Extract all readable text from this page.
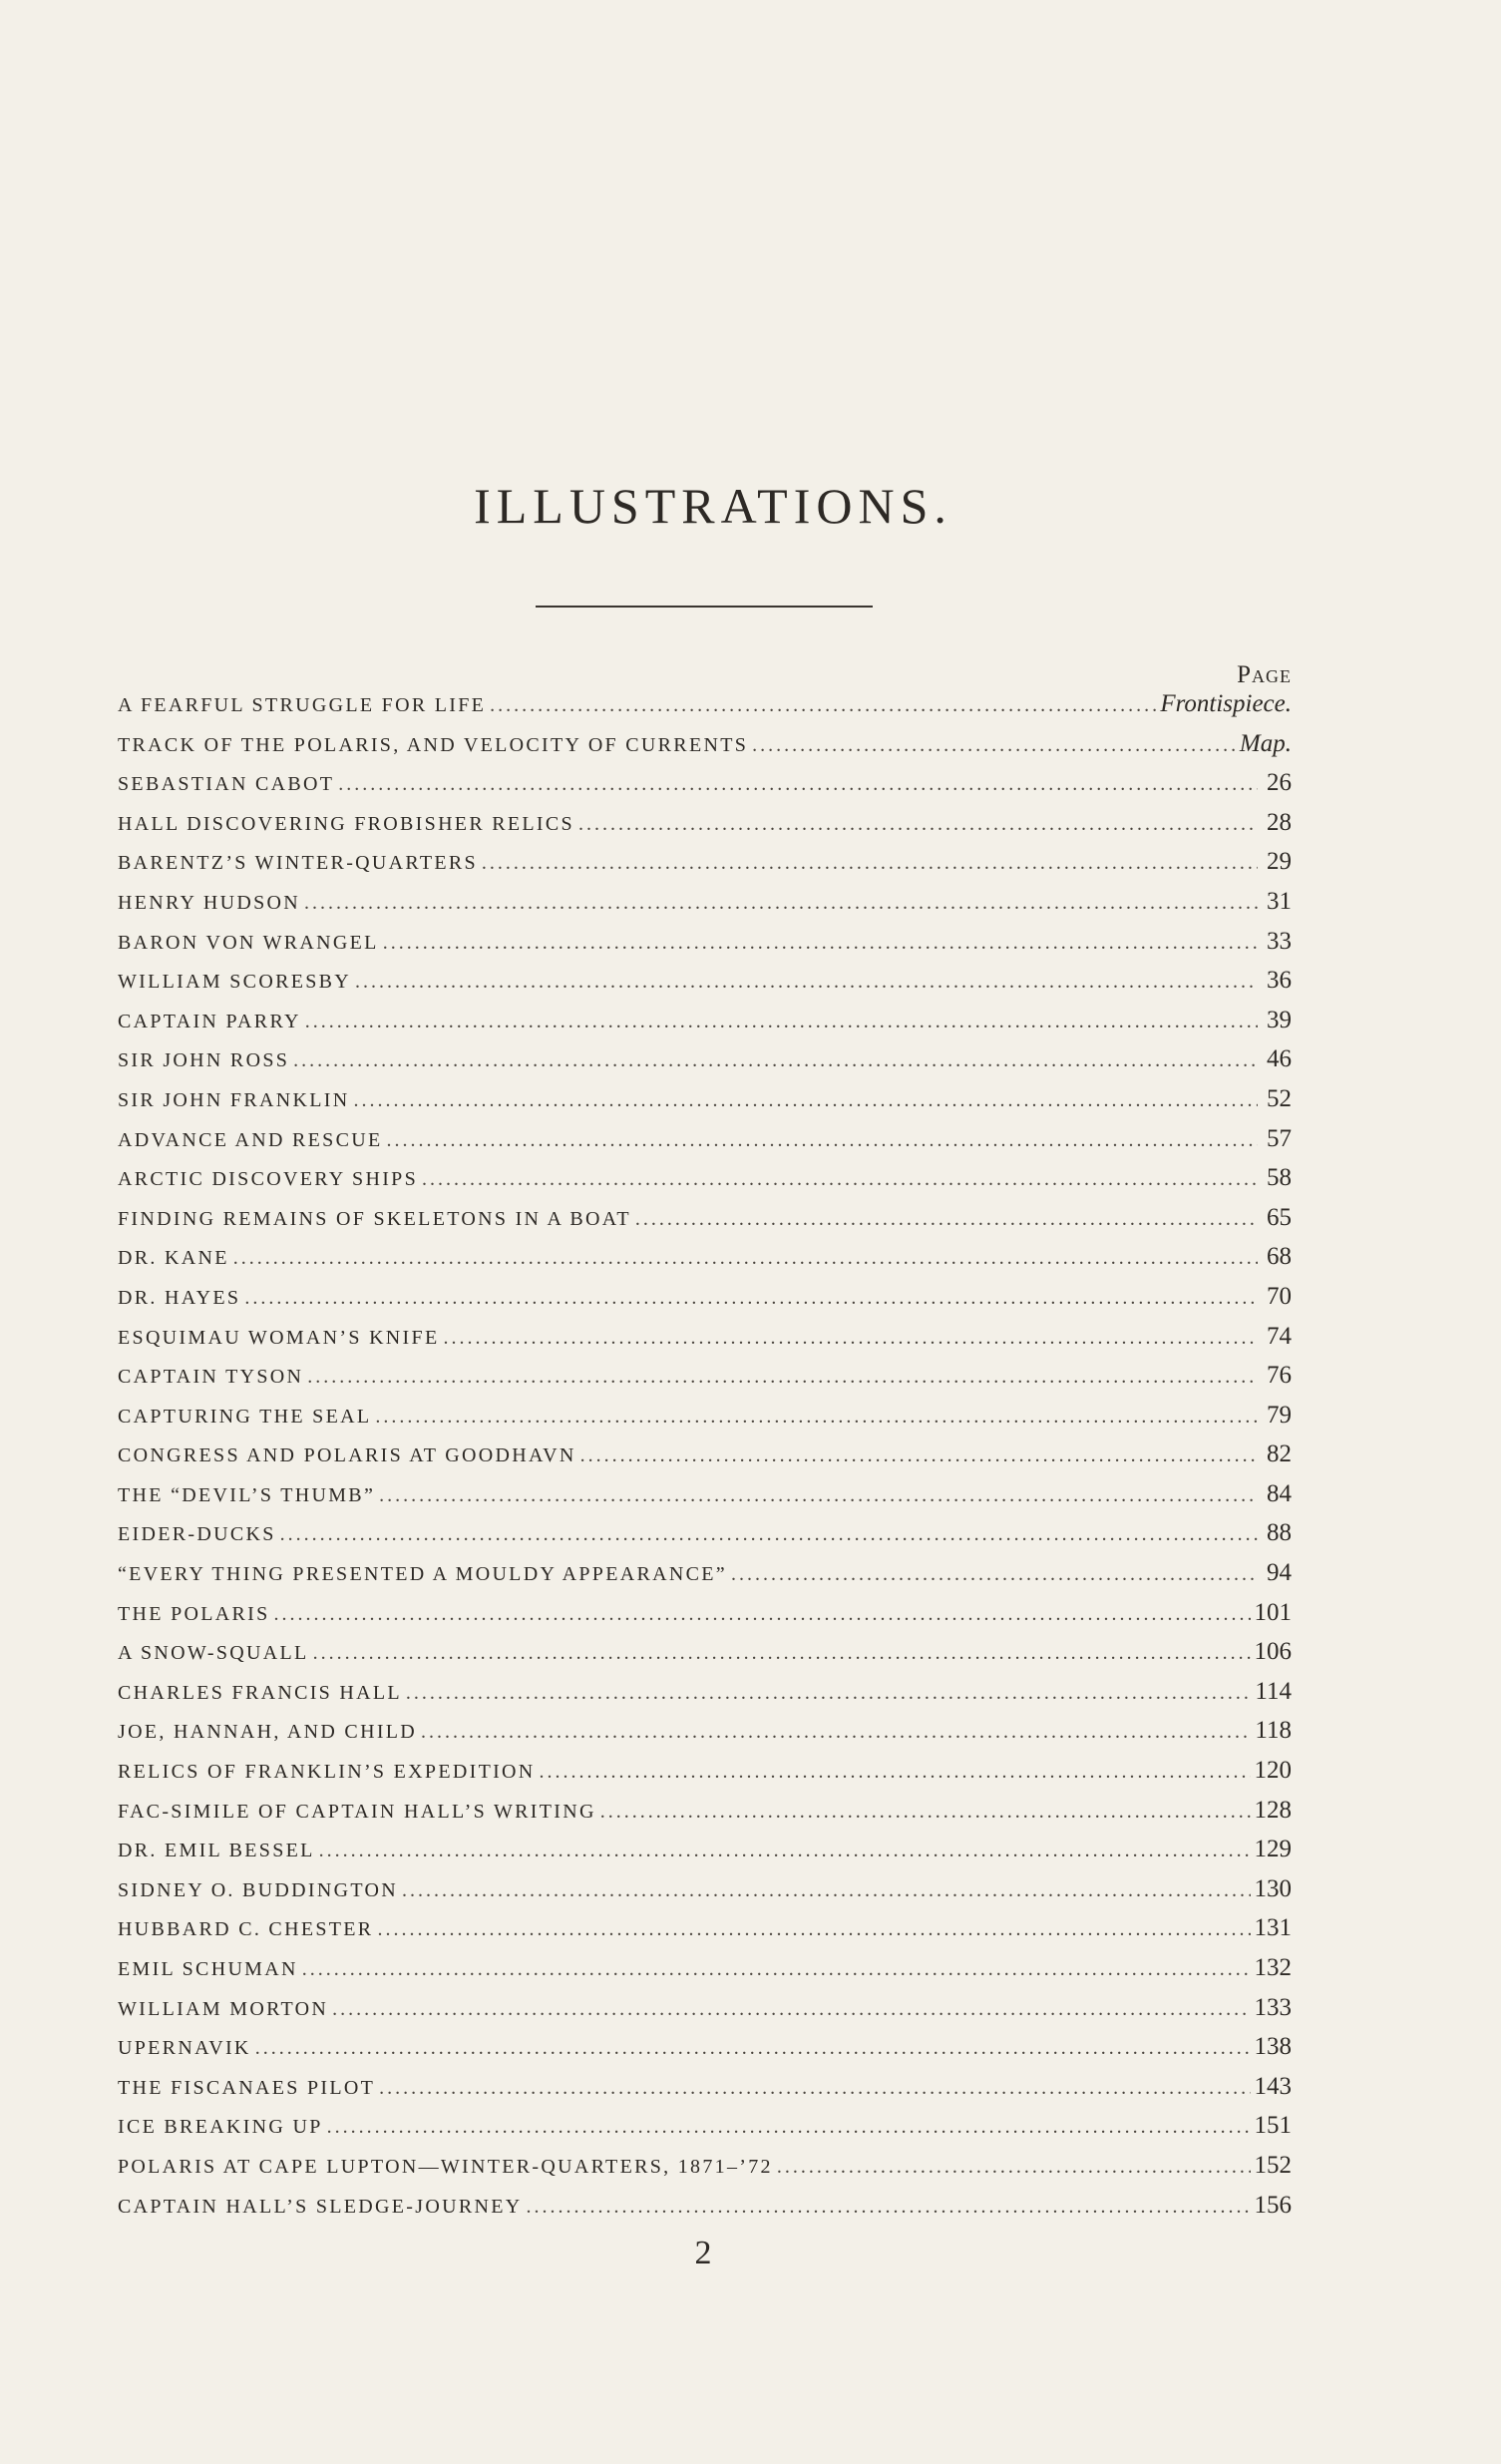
ILLUSTRATIONS.
Page
A FEARFUL STRUGGLE FOR LIFE .....	Frontispiece.
TRACK OF THE POLARIS, AND VELOCITY OF CURRENTS .....	Map.
SEBASTIAN CABOT .....	26
HALL DISCOVERING FROBISHER RELICS .....	28
BARENTZ’S WINTER-QUARTERS .....	29
HENRY HUDSON .....	31
BARON VON WRANGEL .....	33
WILLIAM SCORESBY .....	36
CAPTAIN PARRY .....	39
SIR JOHN ROSS .....	46
SIR JOHN FRANKLIN .....	52
ADVANCE AND RESCUE .....	57
ARCTIC DISCOVERY SHIPS .....	58
FINDING REMAINS OF SKELETONS IN A BOAT .....	65
DR. KANE .....	68
DR. HAYES .....	70
ESQUIMAU WOMAN’S KNIFE .....	74
CAPTAIN TYSON .....	76
CAPTURING THE SEAL .....	79
CONGRESS AND POLARIS AT GOODHAVN .....	82
THE “DEVIL’S THUMB” .....	84
EIDER-DUCKS .....	88
“EVERY THING PRESENTED A MOULDY APPEARANCE” .....	94
THE POLARIS .....	101
A SNOW-SQUALL .....	106
CHARLES FRANCIS HALL .....	114
JOE, HANNAH, AND CHILD .....	118
RELICS OF FRANKLIN’S EXPEDITION .....	120
FAC-SIMILE OF CAPTAIN HALL’S WRITING .....	128
DR. EMIL BESSEL .....	129
SIDNEY O. BUDDINGTON .....	130
HUBBARD C. CHESTER .....	131
EMIL SCHUMAN .....	132
WILLIAM MORTON .....	133
UPERNAVIK .....	138
THE FISCANAES PILOT .....	143
ICE BREAKING UP .....	151
POLARIS AT CAPE LUPTON—WINTER-QUARTERS, 1871–’72 .....	152
CAPTAIN HALL’S SLEDGE-JOURNEY .....	156
2
